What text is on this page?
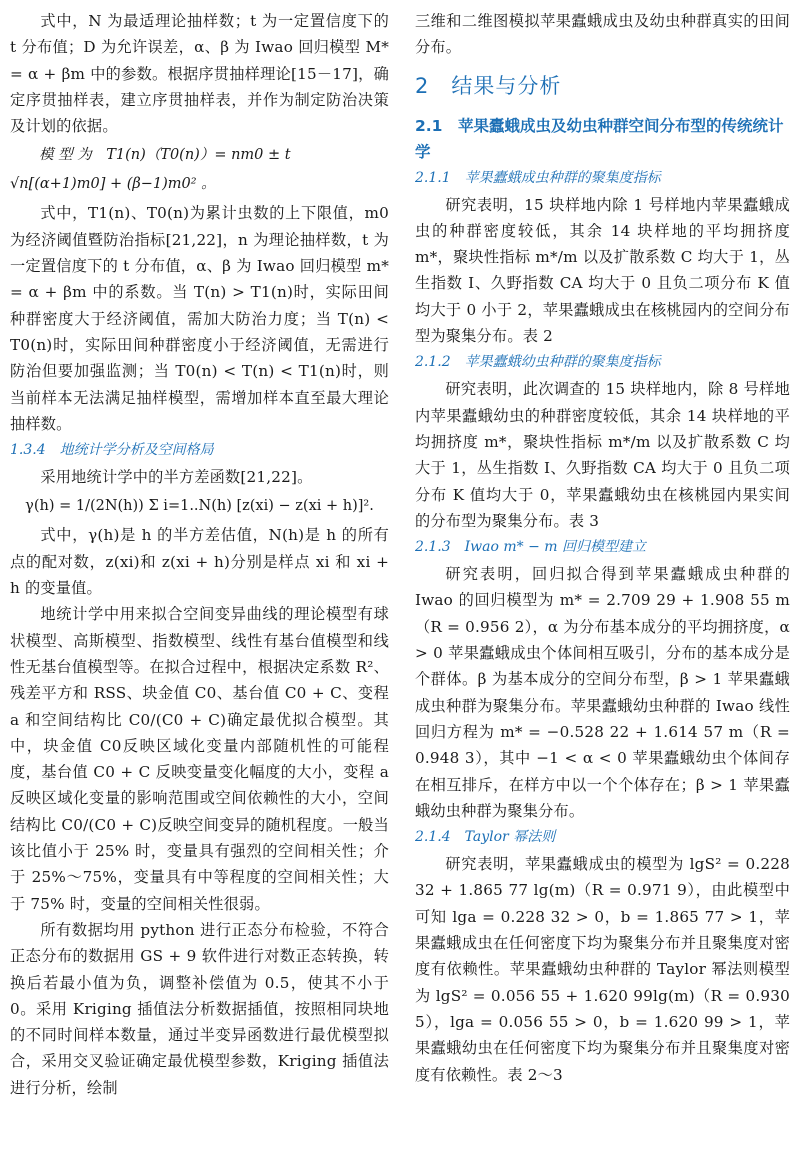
式中，N 为最适理论抽样数；t 为一定置信度下的 t 分布值；D 为允许误差，α、β 为 Iwao 回归模型 M* = α + βm 中的参数。根据序贯抽样理论[15－17]，确定序贯抽样表，建立序贯抽样表，并作为制定防治决策及计划的依据。

模 型 为　T1(n)（T0(n)）= nm0 ± t
√n[(α+1)m0] + (β−1)m0² 。

式中，T1(n)、T0(n)为累计虫数的上下限值，m0 为经济阈值暨防治指标[21,22]，n 为理论抽样数，t 为一定置信度下的 t 分布值，α、β 为 Iwao 回归模型 m* = α + βm 中的系数。当 T(n) > T1(n)时，实际田间种群密度大于经济阈值，需加大防治力度；当 T(n) < T0(n)时，实际田间种群密度小于经济阈值，无需进行防治但要加强监测；当 T0(n) < T(n) < T1(n)时，则当前样本无法满足抽样模型，需增加样本直至最大理论抽样数。

1.3.4　地统计学分析及空间格局

采用地统计学中的半方差函数[21,22]。

γ(h) = 1/(2N(h)) Σ i=1..N(h) [z(xi) − z(xi + h)]².

式中，γ(h)是 h 的半方差估值，N(h)是 h 的所有点的配对数，z(xi)和 z(xi + h)分别是样点 xi 和 xi + h 的变量值。

地统计学中用来拟合空间变异曲线的理论模型有球状模型、高斯模型、指数模型、线性有基台值模型和线性无基台值模型等。在拟合过程中，根据决定系数 R²、残差平方和 RSS、块金值 C0、基台值 C0 + C、变程 a 和空间结构比 C0/(C0 + C)确定最优拟合模型。其中，块金值 C0反映区域化变量内部随机性的可能程度，基台值 C0 + C 反映变量变化幅度的大小，变程 a 反映区域化变量的影响范围或空间依赖性的大小，空间结构比 C0/(C0 + C)反映空间变异的随机程度。一般当该比值小于 25% 时，变量具有强烈的空间相关性；介于 25%～75%，变量具有中等程度的空间相关性；大于 75% 时，变量的空间相关性很弱。

所有数据均用 python 进行正态分布检验，不符合正态分布的数据用 GS + 9 软件进行对数正态转换，转换后若最小值为负，调整补偿值为 0.5，使其不小于 0。采用 Kriging 插值法分析数据插值，按照相同块地的不同时间样本数量，通过半变异函数进行最优模型拟合，采用交叉验证确定最优模型参数，Kriging 插值法进行分析，绘制

三维和二维图模拟苹果蠹蛾成虫及幼虫种群真实的田间分布。

2　结果与分析
2.1　苹果蠹蛾成虫及幼虫种群空间分布型的传统统计学
2.1.1　苹果蠹蛾成虫种群的聚集度指标

研究表明，15 块样地内除 1 号样地内苹果蠹蛾成虫的种群密度较低，其余 14 块样地的平均拥挤度 m*，聚块性指标 m*/m 以及扩散系数 C 均大于 1，丛生指数 I、久野指数 CA 均大于 0 且负二项分布 K 值均大于 0 小于 2，苹果蠹蛾成虫在核桃园内的空间分布型为聚集分布。表 2

2.1.2　苹果蠹蛾幼虫种群的聚集度指标

研究表明，此次调查的 15 块样地内，除 8 号样地内苹果蠹蛾幼虫的种群密度较低，其余 14 块样地的平均拥挤度 m*，聚块性指标 m*/m 以及扩散系数 C 均大于 1，丛生指数 I、久野指数 CA 均大于 0 且负二项分布 K 值均大于 0，苹果蠹蛾幼虫在核桃园内果实间的分布型为聚集分布。表 3

2.1.3　Iwao m* − m 回归模型建立

研究表明，回归拟合得到苹果蠹蛾成虫种群的 Iwao 的回归模型为 m* = 2.709 29 + 1.908 55 m（R = 0.956 2），α 为分布基本成分的平均拥挤度，α > 0 苹果蠹蛾成虫个体间相互吸引，分布的基本成分是个群体。β 为基本成分的空间分布型，β > 1 苹果蠹蛾成虫种群为聚集分布。苹果蠹蛾幼虫种群的 Iwao 线性回归方程为 m* = −0.528 22 + 1.614 57 m（R = 0.948 3），其中 −1 < α < 0 苹果蠹蛾幼虫个体间存在相互排斥，在样方中以一个个体存在；β > 1 苹果蠹蛾幼虫种群为聚集分布。

2.1.4　Taylor 幂法则

研究表明，苹果蠹蛾成虫的模型为 lgS² = 0.228 32 + 1.865 77 lg(m)（R = 0.971 9），由此模型中可知 lga = 0.228 32 > 0，b = 1.865 77 > 1，苹果蠹蛾成虫在任何密度下均为聚集分布并且聚集度对密度有依赖性。苹果蠹蛾幼虫种群的 Taylor 幂法则模型为 lgS² = 0.056 55 + 1.620 99lg(m)（R = 0.930 5），lga = 0.056 55 > 0，b = 1.620 99 > 1，苹果蠹蛾幼虫在任何密度下均为聚集分布并且聚集度对密度有依赖性。表 2～3
